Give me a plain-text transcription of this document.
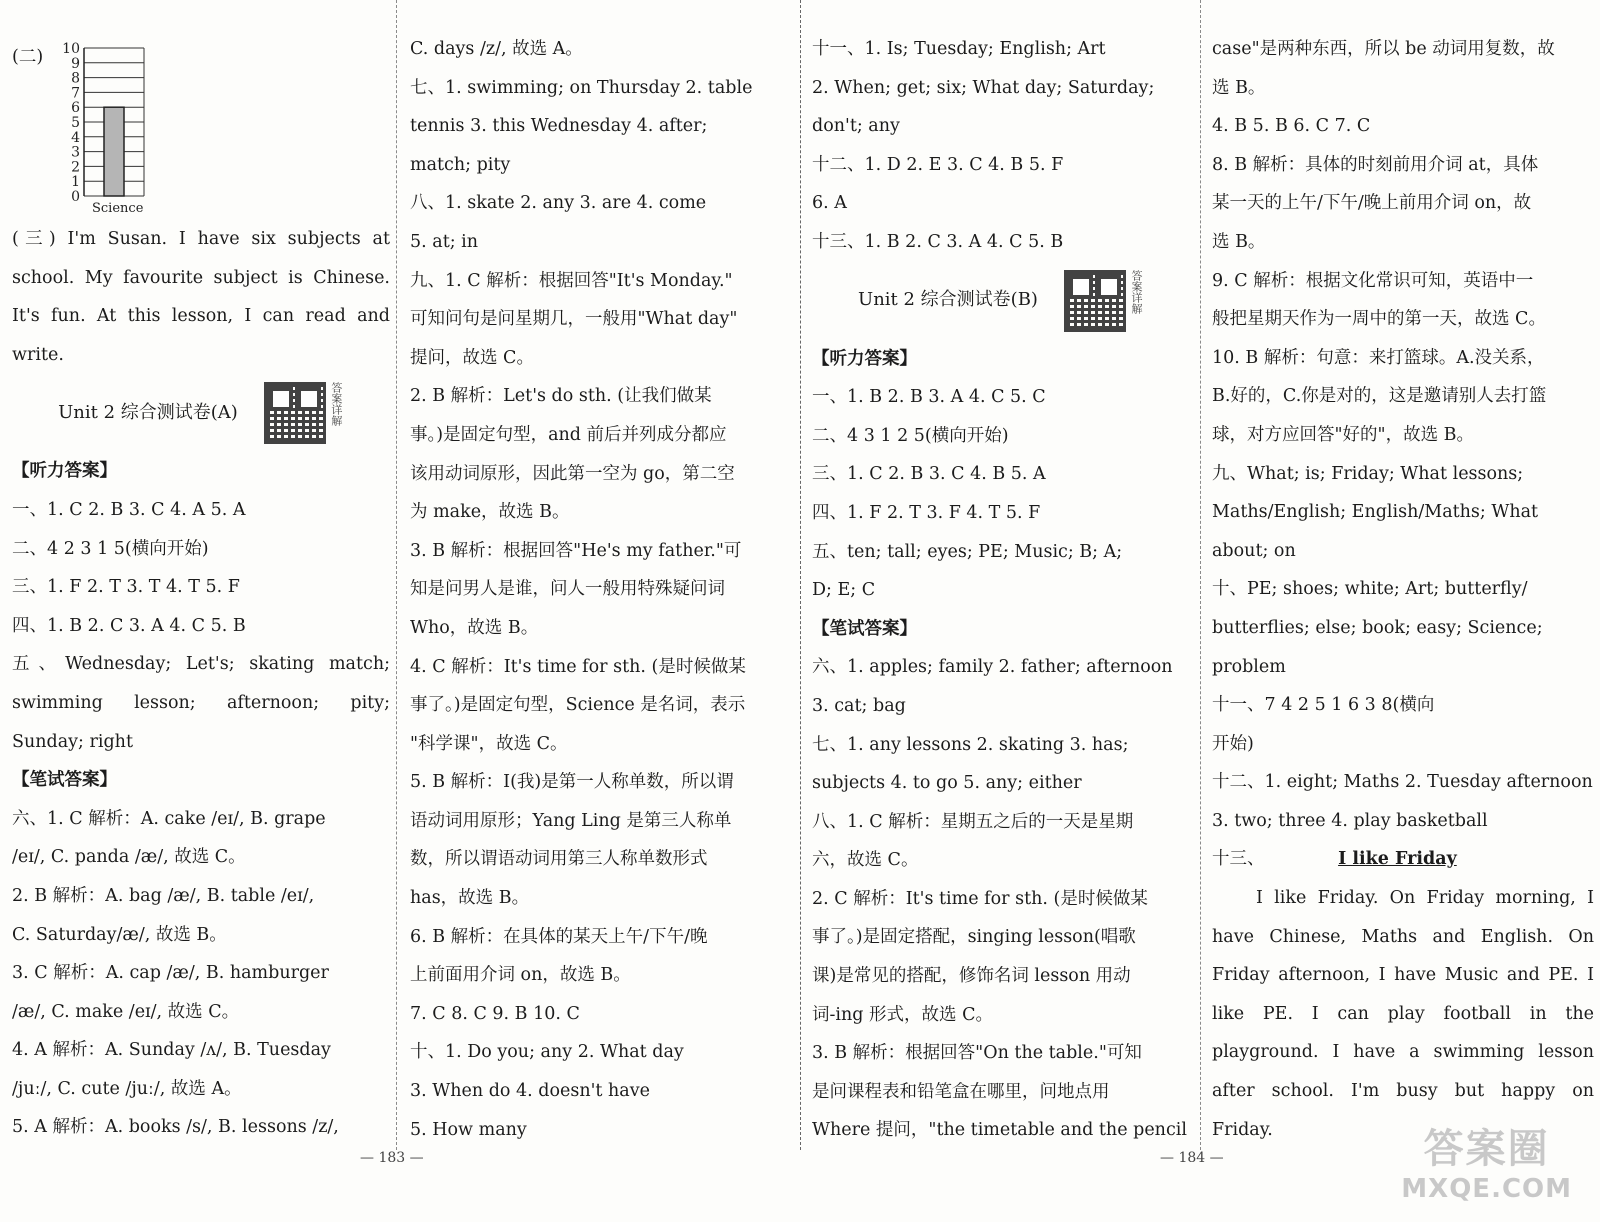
(二)
0
1
2
3
4
5
6
7
8
9
10
Science
(三) I'm Susan. I have six subjects at
school. My favourite subject is Chinese.
It's fun. At this lesson, I can read and
write.
Unit 2 综合测试卷(A)	答案详解
【听力答案】
一、1. C 2. B 3. C 4. A 5. A
二、4 2 3 1 5(横向开始)
三、1. F 2. T 3. T 4. T 5. F
四、1. B 2. C 3. A 4. C 5. B
五、Wednesday; Let's; skating match;
swimming lesson; afternoon; pity;
Sunday; right
【笔试答案】
六、1. C 解析：A. cake /eɪ/, B. grape
/eɪ/, C. panda /æ/, 故选 C。
2. B 解析：A. bag /æ/, B. table /eɪ/,
C. Saturday/æ/, 故选 B。
3. C 解析：A. cap /æ/, B. hamburger
/æ/, C. make /eɪ/, 故选 C。
4. A 解析：A. Sunday /ʌ/, B. Tuesday
/juː/, C. cute /juː/, 故选 A。
5. A 解析：A. books /s/, B. lessons /z/,
C. days /z/, 故选 A。
七、1. swimming; on Thursday 2. table
tennis 3. this Wednesday 4. after;
match; pity
八、1. skate 2. any 3. are 4. come
5. at; in
九、1. C 解析：根据回答"It's Monday."
可知问句是问星期几，一般用"What day"
提问，故选 C。
2. B 解析：Let's do sth. (让我们做某
事。)是固定句型，and 前后并列成分都应
该用动词原形，因此第一空为 go，第二空
为 make，故选 B。
3. B 解析：根据回答"He's my father."可
知是问男人是谁，问人一般用特殊疑问词
Who，故选 B。
4. C 解析：It's time for sth. (是时候做某
事了。)是固定句型，Science 是名词，表示
"科学课"，故选 C。
5. B 解析：I(我)是第一人称单数，所以谓
语动词用原形；Yang Ling 是第三人称单
数，所以谓语动词用第三人称单数形式
has，故选 B。
6. B 解析：在具体的某天上午/下午/晚
上前面用介词 on，故选 B。
7. C 8. C 9. B 10. C
十、1. Do you; any 2. What day
3. When do 4. doesn't have
5. How many
— 183 —
十一、1. Is; Tuesday; English; Art
2. When; get; six; What day; Saturday;
don't; any
十二、1. D 2. E 3. C 4. B 5. F
6. A
十三、1. B 2. C 3. A 4. C 5. B
Unit 2 综合测试卷(B)	答案详解
【听力答案】
一、1. B 2. B 3. A 4. C 5. C
二、4 3 1 2 5(横向开始)
三、1. C 2. B 3. C 4. B 5. A
四、1. F 2. T 3. F 4. T 5. F
五、ten; tall; eyes; PE; Music; B; A;
D; E; C
【笔试答案】
六、1. apples; family 2. father; afternoon
3. cat; bag
七、1. any lessons 2. skating 3. has;
subjects 4. to go 5. any; either
八、1. C 解析：星期五之后的一天是星期
六，故选 C。
2. C 解析：It's time for sth. (是时候做某
事了。)是固定搭配，singing lesson(唱歌
课)是常见的搭配，修饰名词 lesson 用动
词-ing 形式，故选 C。
3. B 解析：根据回答"On the table."可知
是问课程表和铅笔盒在哪里，问地点用
Where 提问，"the timetable and the pencil
case"是两种东西，所以 be 动词用复数，故
选 B。
4. B 5. B 6. C 7. C
8. B 解析：具体的时刻前用介词 at，具体
某一天的上午/下午/晚上前用介词 on，故
选 B。
9. C 解析：根据文化常识可知，英语中一
般把星期天作为一周中的第一天，故选 C。
10. B 解析：句意：来打篮球。A.没关系，
B.好的，C.你是对的，这是邀请别人去打篮
球，对方应回答"好的"，故选 B。
九、What; is; Friday; What lessons;
Maths/English; English/Maths; What
about; on
十、PE; shoes; white; Art; butterfly/
butterflies; else; book; easy; Science;
problem
十一、7 4 2 5 1 6 3 8(横向
开始)
十二、1. eight; Maths 2. Tuesday afternoon
3. two; three 4. play basketball
十三、	I like Friday
I like Friday. On Friday morning, I
have Chinese, Maths and English. On
Friday afternoon, I have Music and PE. I
like PE. I can play football in the
playground. I have a swimming lesson
after school. I'm busy but happy on
Friday.
— 184 —	答案圈
MXQE.COM
